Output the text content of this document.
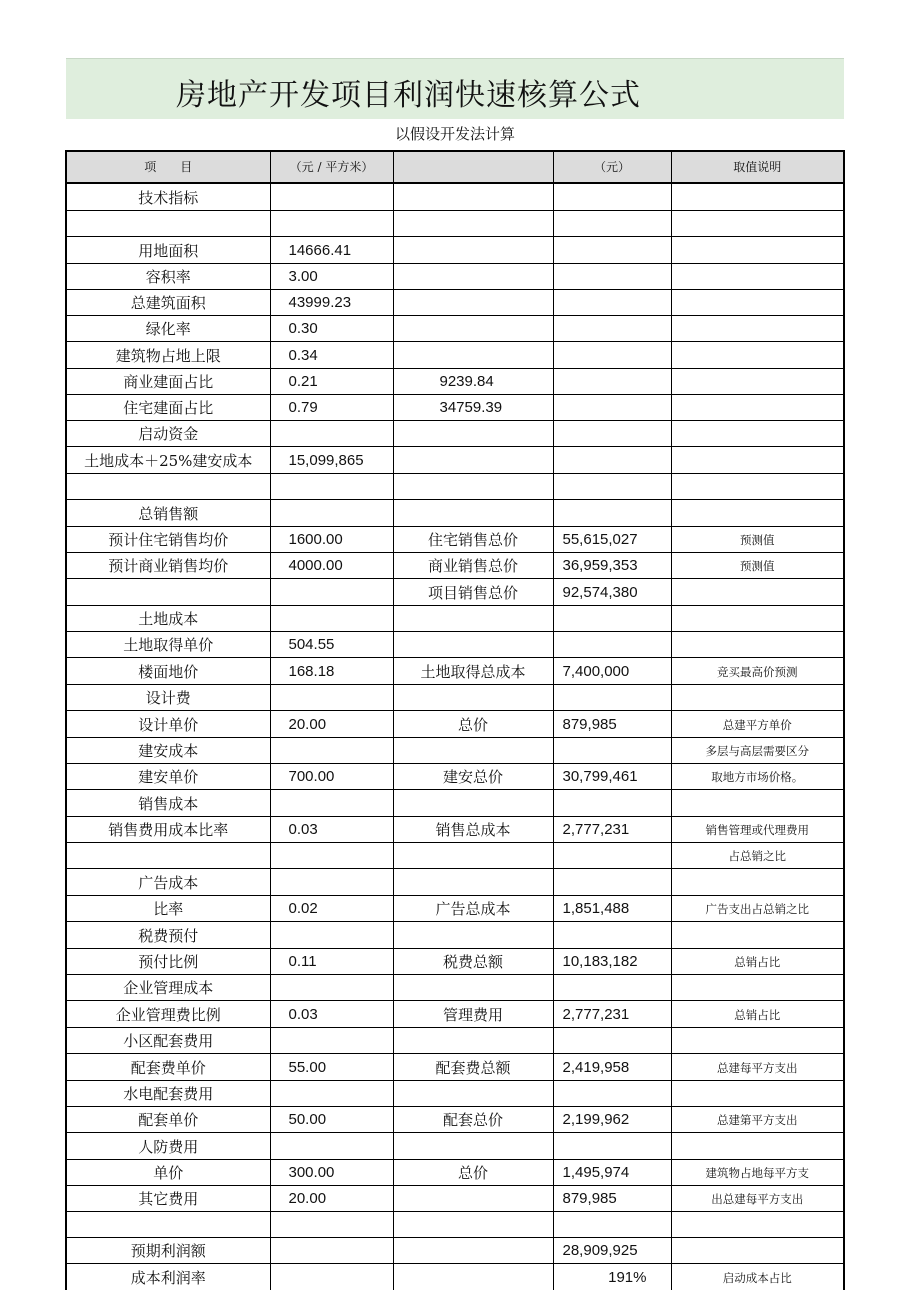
房地产开发项目利润快速核算公式
以假设开发法计算
项　　目	（元 / 平方米）		（元）	取值说明
技术指标				

用地面积	14666.41			
容积率	3.00			
总建筑面积	43999.23			
绿化率	0.30			
建筑物占地上限	0.34			
商业建面占比	0.21	9239.84		
住宅建面占比	0.79	34759.39		
启动资金				
土地成本＋25%建安成本	15,099,865			

总销售额				
预计住宅销售均价	1600.00	住宅销售总价	55,615,027	预测值
预计商业销售均价	4000.00	商业销售总价	36,959,353	预测值
		项目销售总价	92,574,380	
土地成本				
土地取得单价	504.55			
楼面地价	168.18	土地取得总成本	7,400,000	竞买最高价预测
设计费				
设计单价	20.00	总价	879,985	总建平方单价
建安成本				多层与高层需要区分
建安单价	700.00	建安总价	30,799,461	取地方市场价格。
销售成本				
销售费用成本比率	0.03	销售总成本	2,777,231	销售管理或代理费用
				占总销之比
广告成本				
比率	0.02	广告总成本	1,851,488	广告支出占总销之比
税费预付				
预付比例	0.11	税费总额	10,183,182	总销占比
企业管理成本				
企业管理费比例	0.03	管理费用	2,777,231	总销占比
小区配套费用				
配套费单价	55.00	配套费总额	2,419,958	总建每平方支出
水电配套费用				
配套单价	50.00	配套总价	2,199,962	总建第平方支出
人防费用				
单价	300.00	总价	1,495,974	建筑物占地每平方支
其它费用	20.00		879,985	出总建每平方支出

预期利润额			28,909,925	
成本利润率			191%	启动成本占比
